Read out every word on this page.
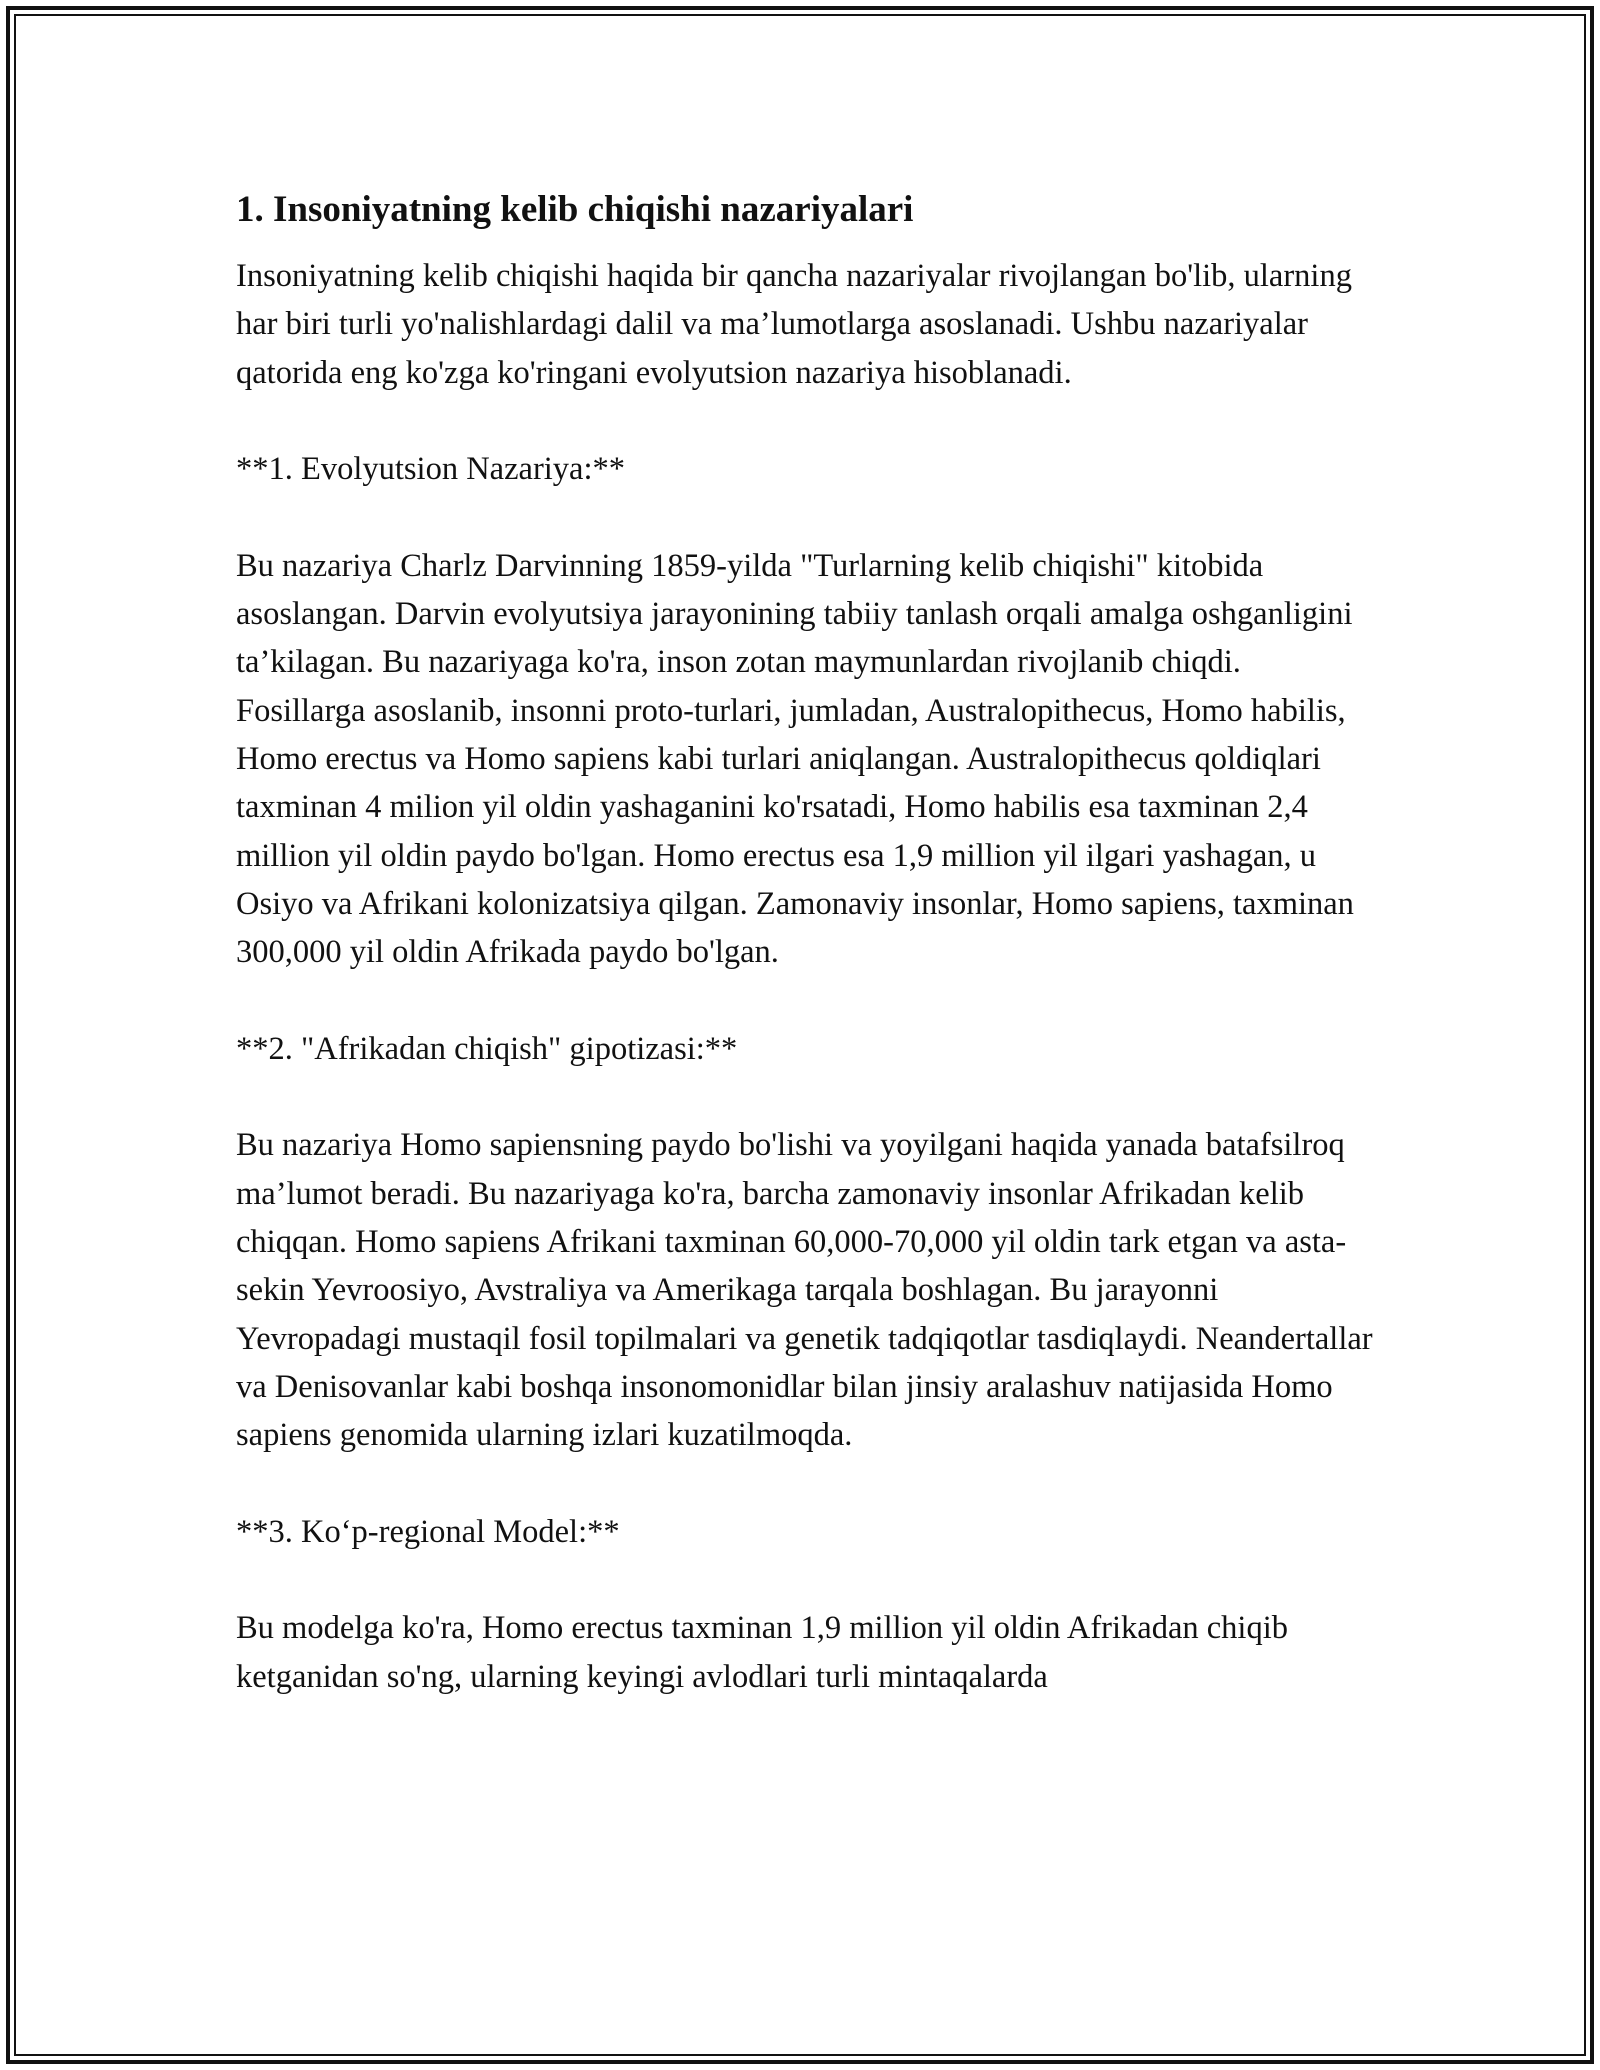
1. Insoniyatning kelib chiqishi nazariyalari

Insoniyatning kelib chiqishi haqida bir qancha nazariyalar rivojlangan bo'lib, ularning har biri turli yo'nalishlardagi dalil va ma’lumotlarga asoslanadi. Ushbu nazariyalar qatorida eng ko'zga ko'ringani evolyutsion nazariya hisoblanadi.

**1. Evolyutsion Nazariya:**

Bu nazariya Charlz Darvinning 1859-yilda "Turlarning kelib chiqishi" kitobida asoslangan. Darvin evolyutsiya jarayonining tabiiy tanlash orqali amalga oshganligini ta’kilagan. Bu nazariyaga ko'ra, inson zotan maymunlardan rivojlanib chiqdi. Fosillarga asoslanib, insonni proto-turlari, jumladan, Australopithecus, Homo habilis, Homo erectus va Homo sapiens kabi turlari aniqlangan. Australopithecus qoldiqlari taxminan 4 milion yil oldin yashaganini ko'rsatadi, Homo habilis esa taxminan 2,4 million yil oldin paydo bo'lgan. Homo erectus esa 1,9 million yil ilgari yashagan, u Osiyo va Afrikani kolonizatsiya qilgan. Zamonaviy insonlar, Homo sapiens, taxminan 300,000 yil oldin Afrikada paydo bo'lgan.

**2. "Afrikadan chiqish" gipotizasi:**

Bu nazariya Homo sapiensning paydo bo'lishi va yoyilgani haqida yanada batafsilroq ma’lumot beradi. Bu nazariyaga ko'ra, barcha zamonaviy insonlar Afrikadan kelib chiqqan. Homo sapiens Afrikani taxminan 60,000-70,000 yil oldin tark etgan va asta-sekin Yevroosiyo, Avstraliya va Amerikaga tarqala boshlagan. Bu jarayonni Yevropadagi mustaqil fosil topilmalari va genetik tadqiqotlar tasdiqlaydi. Neandertallar va Denisovanlar kabi boshqa insonomonidlar bilan jinsiy aralashuv natijasida Homo sapiens genomida ularning izlari kuzatilmoqda.

**3. Koʻp-regional Model:**

Bu modelga ko'ra, Homo erectus taxminan 1,9 million yil oldin Afrikadan chiqib ketganidan so'ng, ularning keyingi avlodlari turli mintaqalarda
